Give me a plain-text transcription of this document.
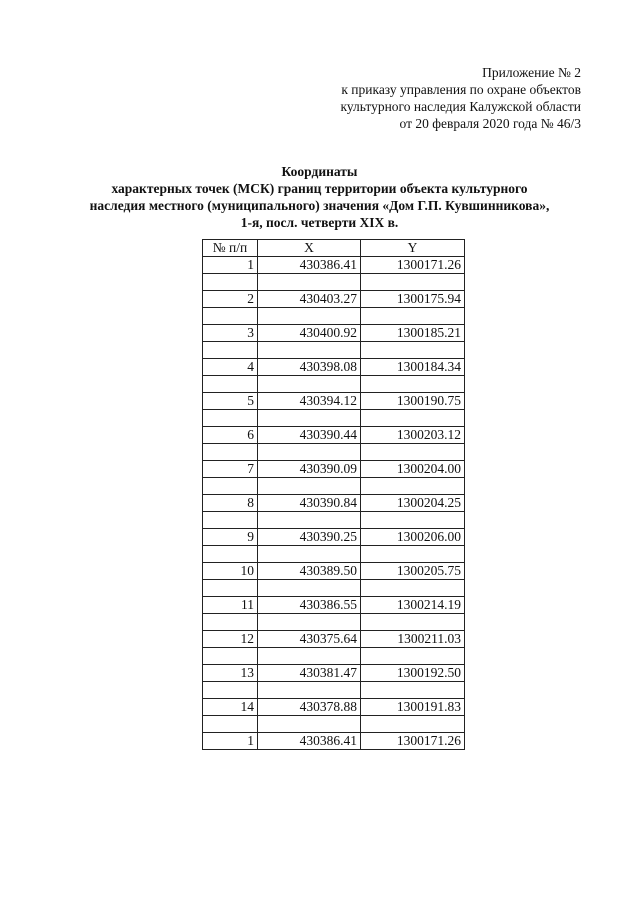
Приложение № 2
к приказу управления по охране объектов
культурного наследия Калужской области
от 20 февраля 2020 года № 46/3
Координаты
характерных точек (МСК) границ территории объекта культурного
наследия местного (муниципального) значения «Дом Г.П. Кувшинникова»,
1-я, посл. четверти XIX в.
№ п/п	X	Y
1	430386.41	1300171.26

2	430403.27	1300175.94

3	430400.92	1300185.21

4	430398.08	1300184.34

5	430394.12	1300190.75

6	430390.44	1300203.12

7	430390.09	1300204.00

8	430390.84	1300204.25

9	430390.25	1300206.00

10	430389.50	1300205.75

11	430386.55	1300214.19

12	430375.64	1300211.03

13	430381.47	1300192.50

14	430378.88	1300191.83

1	430386.41	1300171.26
